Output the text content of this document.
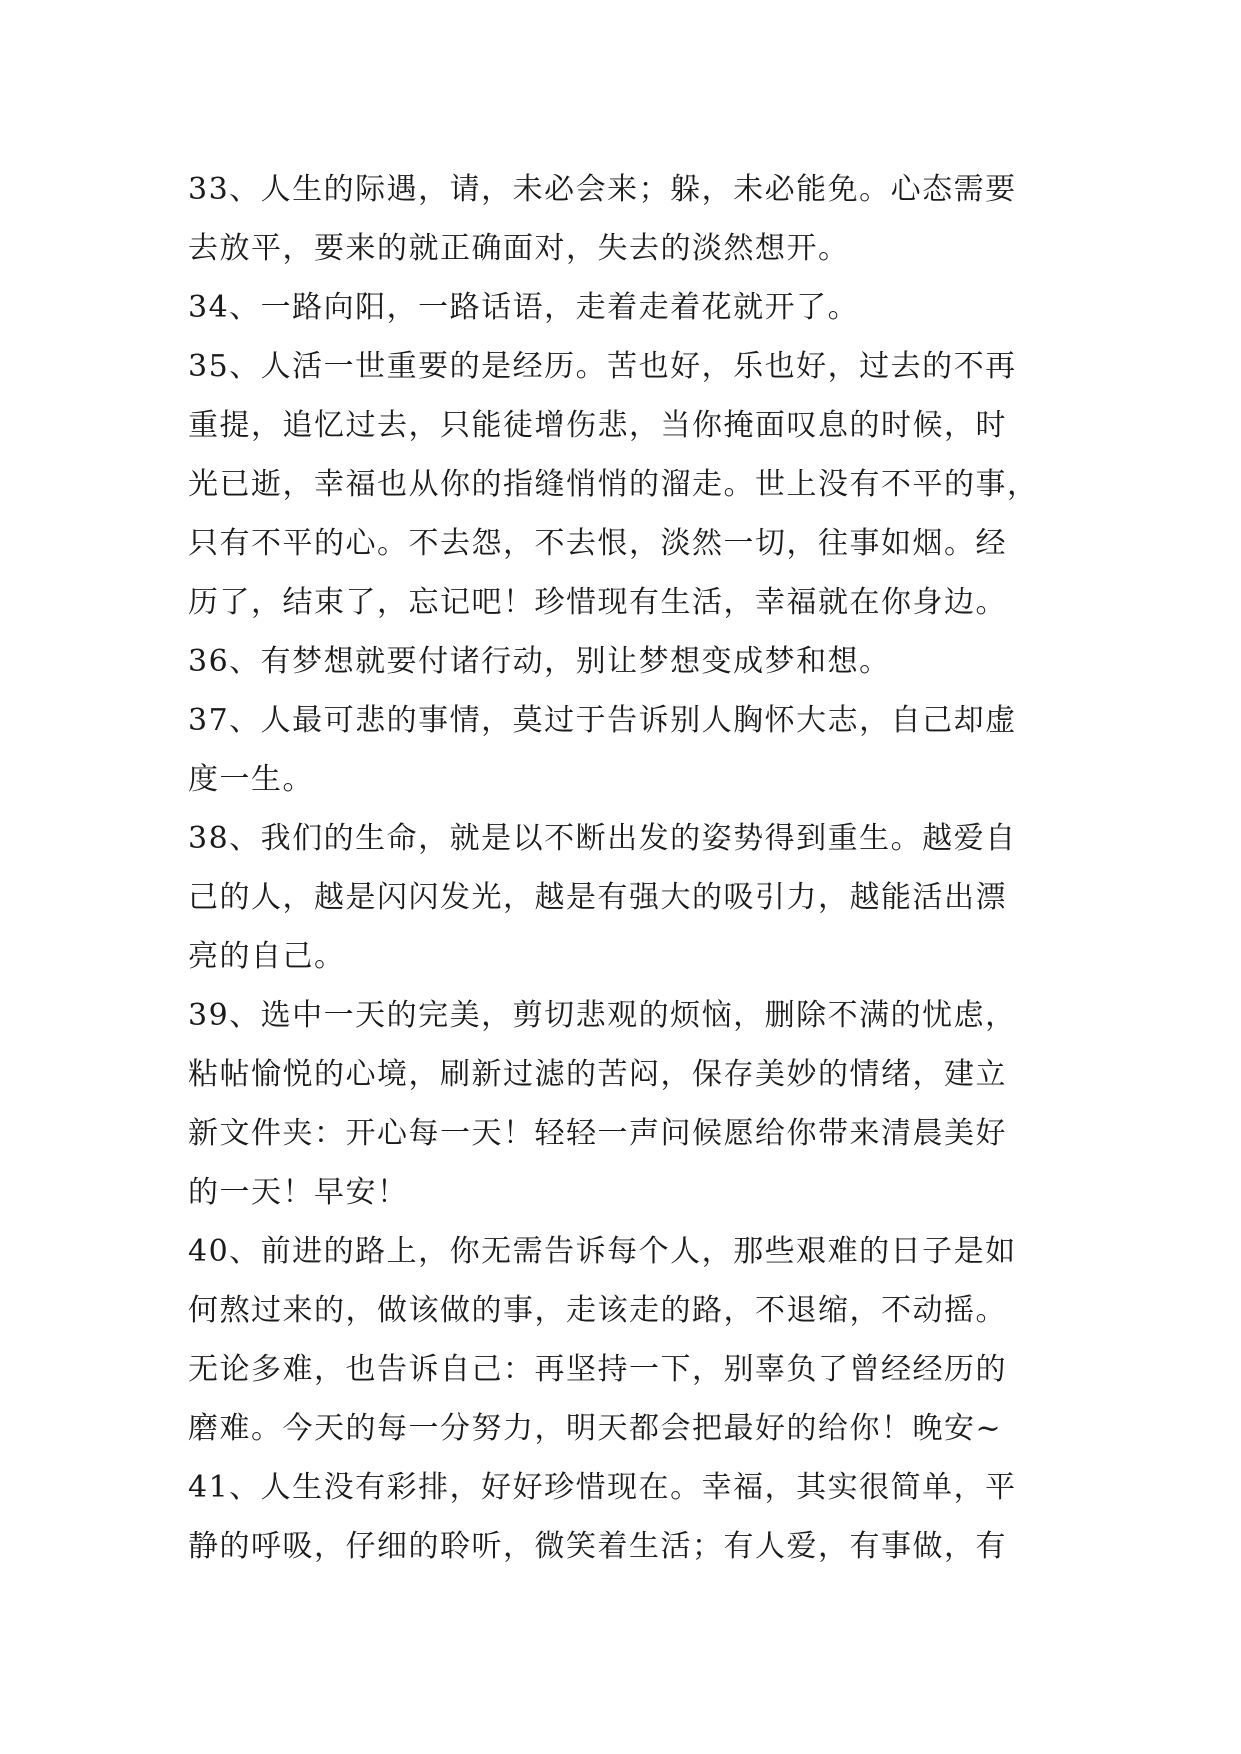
33、人生的际遇，请，未必会来；躲，未必能免。心态需要
去放平，要来的就正确面对，失去的淡然想开。
34、一路向阳，一路话语，走着走着花就开了。
35、人活一世重要的是经历。苦也好，乐也好，过去的不再
重提，追忆过去，只能徒增伤悲，当你掩面叹息的时候，时
光已逝，幸福也从你的指缝悄悄的溜走。世上没有不平的事，
只有不平的心。不去怨，不去恨，淡然一切，往事如烟。经
历了，结束了，忘记吧！珍惜现有生活，幸福就在你身边。
36、有梦想就要付诸行动，别让梦想变成梦和想。
37、人最可悲的事情，莫过于告诉别人胸怀大志，自己却虚
度一生。
38、我们的生命，就是以不断出发的姿势得到重生。越爱自
己的人，越是闪闪发光，越是有强大的吸引力，越能活出漂
亮的自己。
39、选中一天的完美，剪切悲观的烦恼，删除不满的忧虑，
粘帖愉悦的心境，刷新过滤的苦闷，保存美妙的情绪，建立
新文件夹：开心每一天！轻轻一声问候愿给你带来清晨美好
的一天！早安！
40、前进的路上，你无需告诉每个人，那些艰难的日子是如
何熬过来的，做该做的事，走该走的路，不退缩，不动摇。
无论多难，也告诉自己：再坚持一下，别辜负了曾经经历的
磨难。今天的每一分努力，明天都会把最好的给你！晚安~
41、人生没有彩排，好好珍惜现在。幸福，其实很简单，平
静的呼吸，仔细的聆听，微笑着生活；有人爱，有事做，有
